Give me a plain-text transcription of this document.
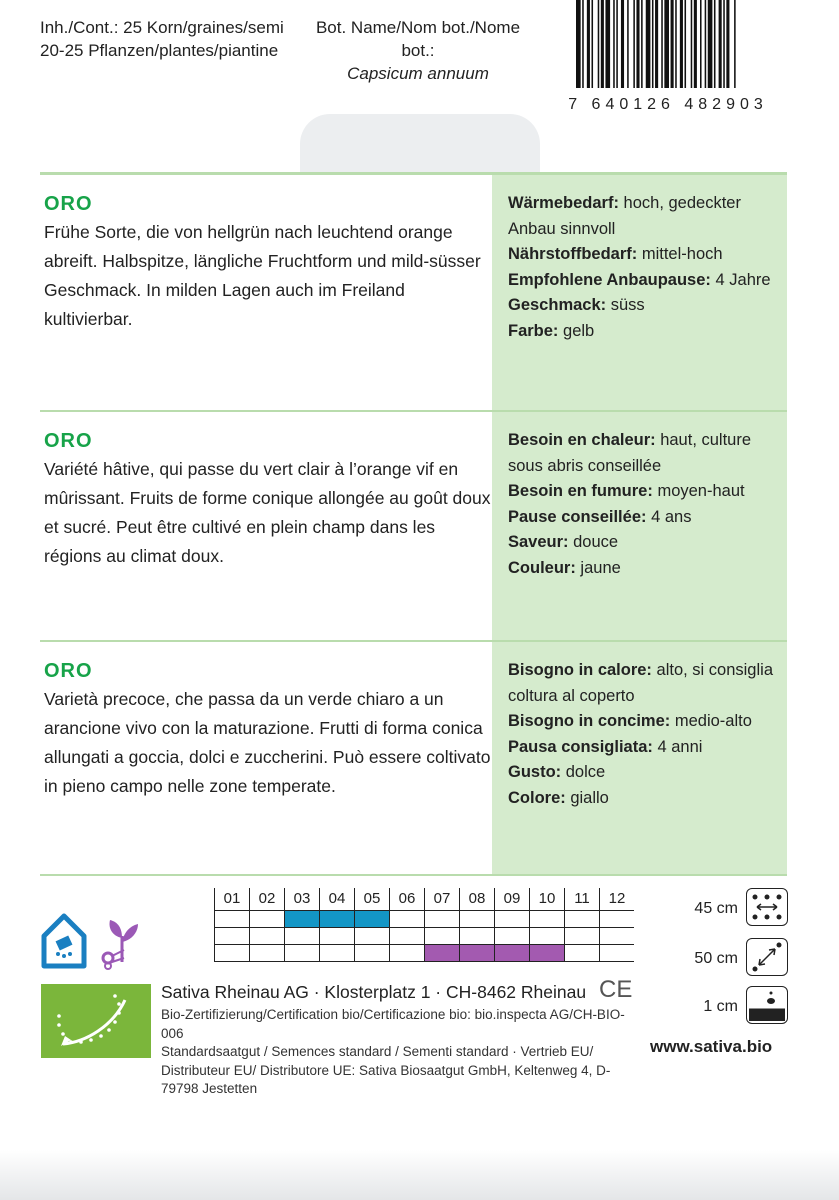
Inh./Cont.: 25 Korn/graines/semi
20-25 Pflanzen/plantes/piantine
Bot. Name/Nom bot./Nome bot.:
Capsicum annuum
7 640126 482903
Wärmebedarf: hoch, gedeckter Anbau sinnvoll
Nährstoffbedarf: mittel-hoch
Empfohlene Anbaupause: 4 Jahre
Geschmack: süss
Farbe: gelb
ORO

Frühe Sorte, die von hellgrün nach leuchtend orange abreift. Halbspitze, längliche Fruchtform und mild-süsser Geschmack. In milden Lagen auch im Freiland kultivierbar.

Besoin en chaleur: haut, culture sous abris conseillée
Besoin en fumure: moyen-haut
Pause conseillée: 4 ans
Saveur: douce
Couleur: jaune
ORO

Variété hâtive, qui passe du vert clair à l’orange vif en mûrissant. Fruits de forme conique allongée au goût doux et sucré. Peut être cultivé en plein champ dans les régions au climat doux.

Bisogno in calore: alto, si consiglia coltura al coperto
Bisogno in concime: medio-alto
Pausa consigliata: 4 anni
Gusto: dolce
Colore: giallo
ORO

Varietà precoce, che passa da un verde chiaro a un arancione vivo con la maturazione. Frutti di forma conica allungati a goccia, dolci e zuccherini. Può essere coltivato in pieno campo nelle zone temperate.

01	02	03	04	05	06	07	08	09	10	11	12

Sativa Rheinau AG · Klosterplatz 1 · CH-8462 Rheinau CE
Bio-Zertifizierung/Certification bio/Certificazione bio: bio.inspecta AG/CH-BIO-006
Standardsaatgut / Semences standard / Sementi standard · Vertrieb EU/ Distributeur EU/ Distributore UE: Sativa Biosaatgut GmbH, Keltenweg 4, D-79798 Jestetten
www.sativa.bio
45 cm
50 cm
1 cm
